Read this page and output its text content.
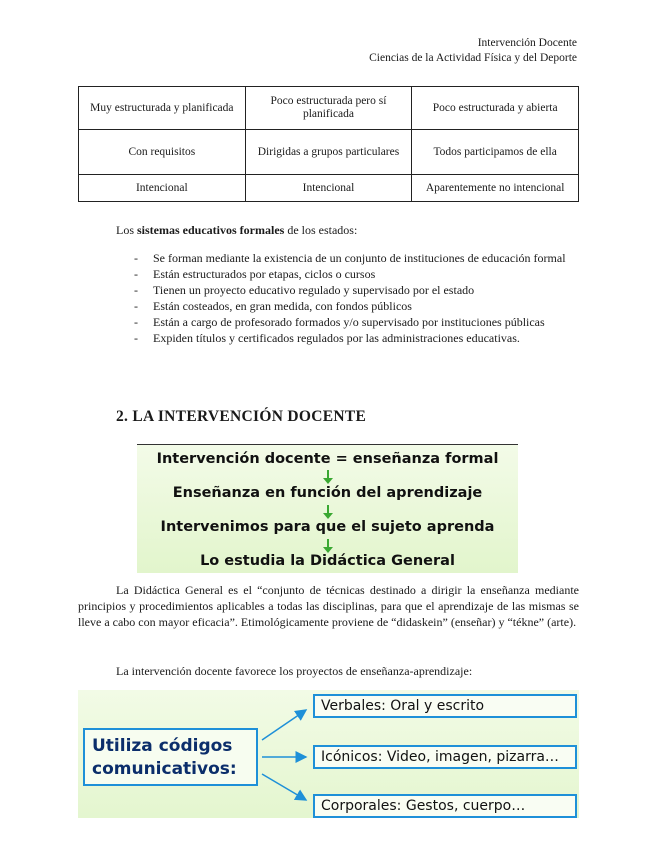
Intervención Docente
Ciencias de la Actividad Física y del Deporte
Muy estructurada y planificada	Poco estructurada pero sí planificada	Poco estructurada y abierta
Con requisitos	Dirigidas a grupos particulares	Todos participamos de ella
Intencional	Intencional	Aparentemente no intencional
Los sistemas educativos formales de los estados:
- Se forman mediante la existencia de un conjunto de instituciones de educación formal
- Están estructurados por etapas, ciclos o cursos
- Tienen un proyecto educativo regulado y supervisado por el estado
- Están costeados, en gran medida, con fondos públicos
- Están a cargo de profesorado formados y/o supervisado por instituciones públicas
- Expiden títulos y certificados regulados por las administraciones educativas.
2. LA INTERVENCIÓN DOCENTE
Intervención docente = enseñanza formal
Enseñanza en función del aprendizaje
Intervenimos para que el sujeto aprenda
Lo estudia la Didáctica General

La Didáctica General es el “conjunto de técnicas destinado a dirigir la enseñanza mediante principios y procedimientos aplicables a todas las disciplinas, para que el aprendizaje de las mismas se lleve a cabo con mayor eficacia”. Etimológicamente proviene de “didaskein” (enseñar) y “tékne” (arte).

La intervención docente favorece los proyectos de enseñanza-aprendizaje:

Utiliza códigos comunicativos:
Verbales: Oral y escrito
Icónicos: Video, imagen, pizarra…
Corporales: Gestos, cuerpo…
